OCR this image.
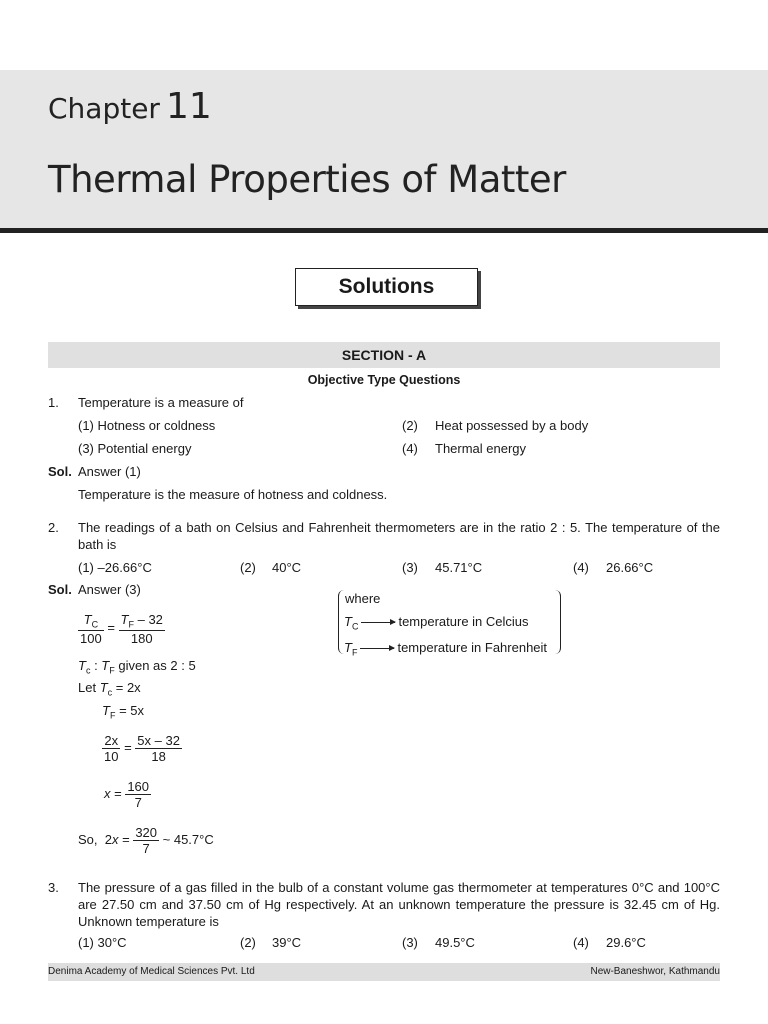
Chapter 11
Thermal Properties of Matter
Solutions
SECTION - A
Objective Type Questions
1. Temperature is a measure of
(1) Hotness or coldness	(2) Heat possessed by a body
(3) Potential energy	(4) Thermal energy
Sol. Answer (1)
Temperature is the measure of hotness and coldness.
2. The readings of a bath on Celsius and Fahrenheit thermometers are in the ratio 2 : 5. The temperature of the bath is
(1) –26.66°C	(2) 40°C	(3) 45.71°C	(4) 26.66°C
Sol. Answer (3)
where
$T_C$	temperature in Celcius
$T_F$	temperature in Fahrenheit
$\frac{T_C}{100} = \frac{T_F - 32}{180}$
$T_c$ : $T_F$ given as 2 : 5
Let $T_c = 2x$
$T_F = 5x$
$\frac{2x}{10} = \frac{5x - 32}{18}$
$x = \frac{160}{7}$
So,  $2x = \frac{320}{7}$ ~ 45.7°C
3. The pressure of a gas filled in the bulb of a constant volume gas thermometer at temperatures 0°C and 100°C are 27.50 cm and 37.50 cm of Hg respectively. At an unknown temperature the pressure is 32.45 cm of Hg. Unknown temperature is
(1) 30°C	(2) 39°C	(3) 49.5°C	(4) 29.6°C
Denima Academy of Medical Sciences Pvt. Ltd	New-Baneshwor, Kathmandu
